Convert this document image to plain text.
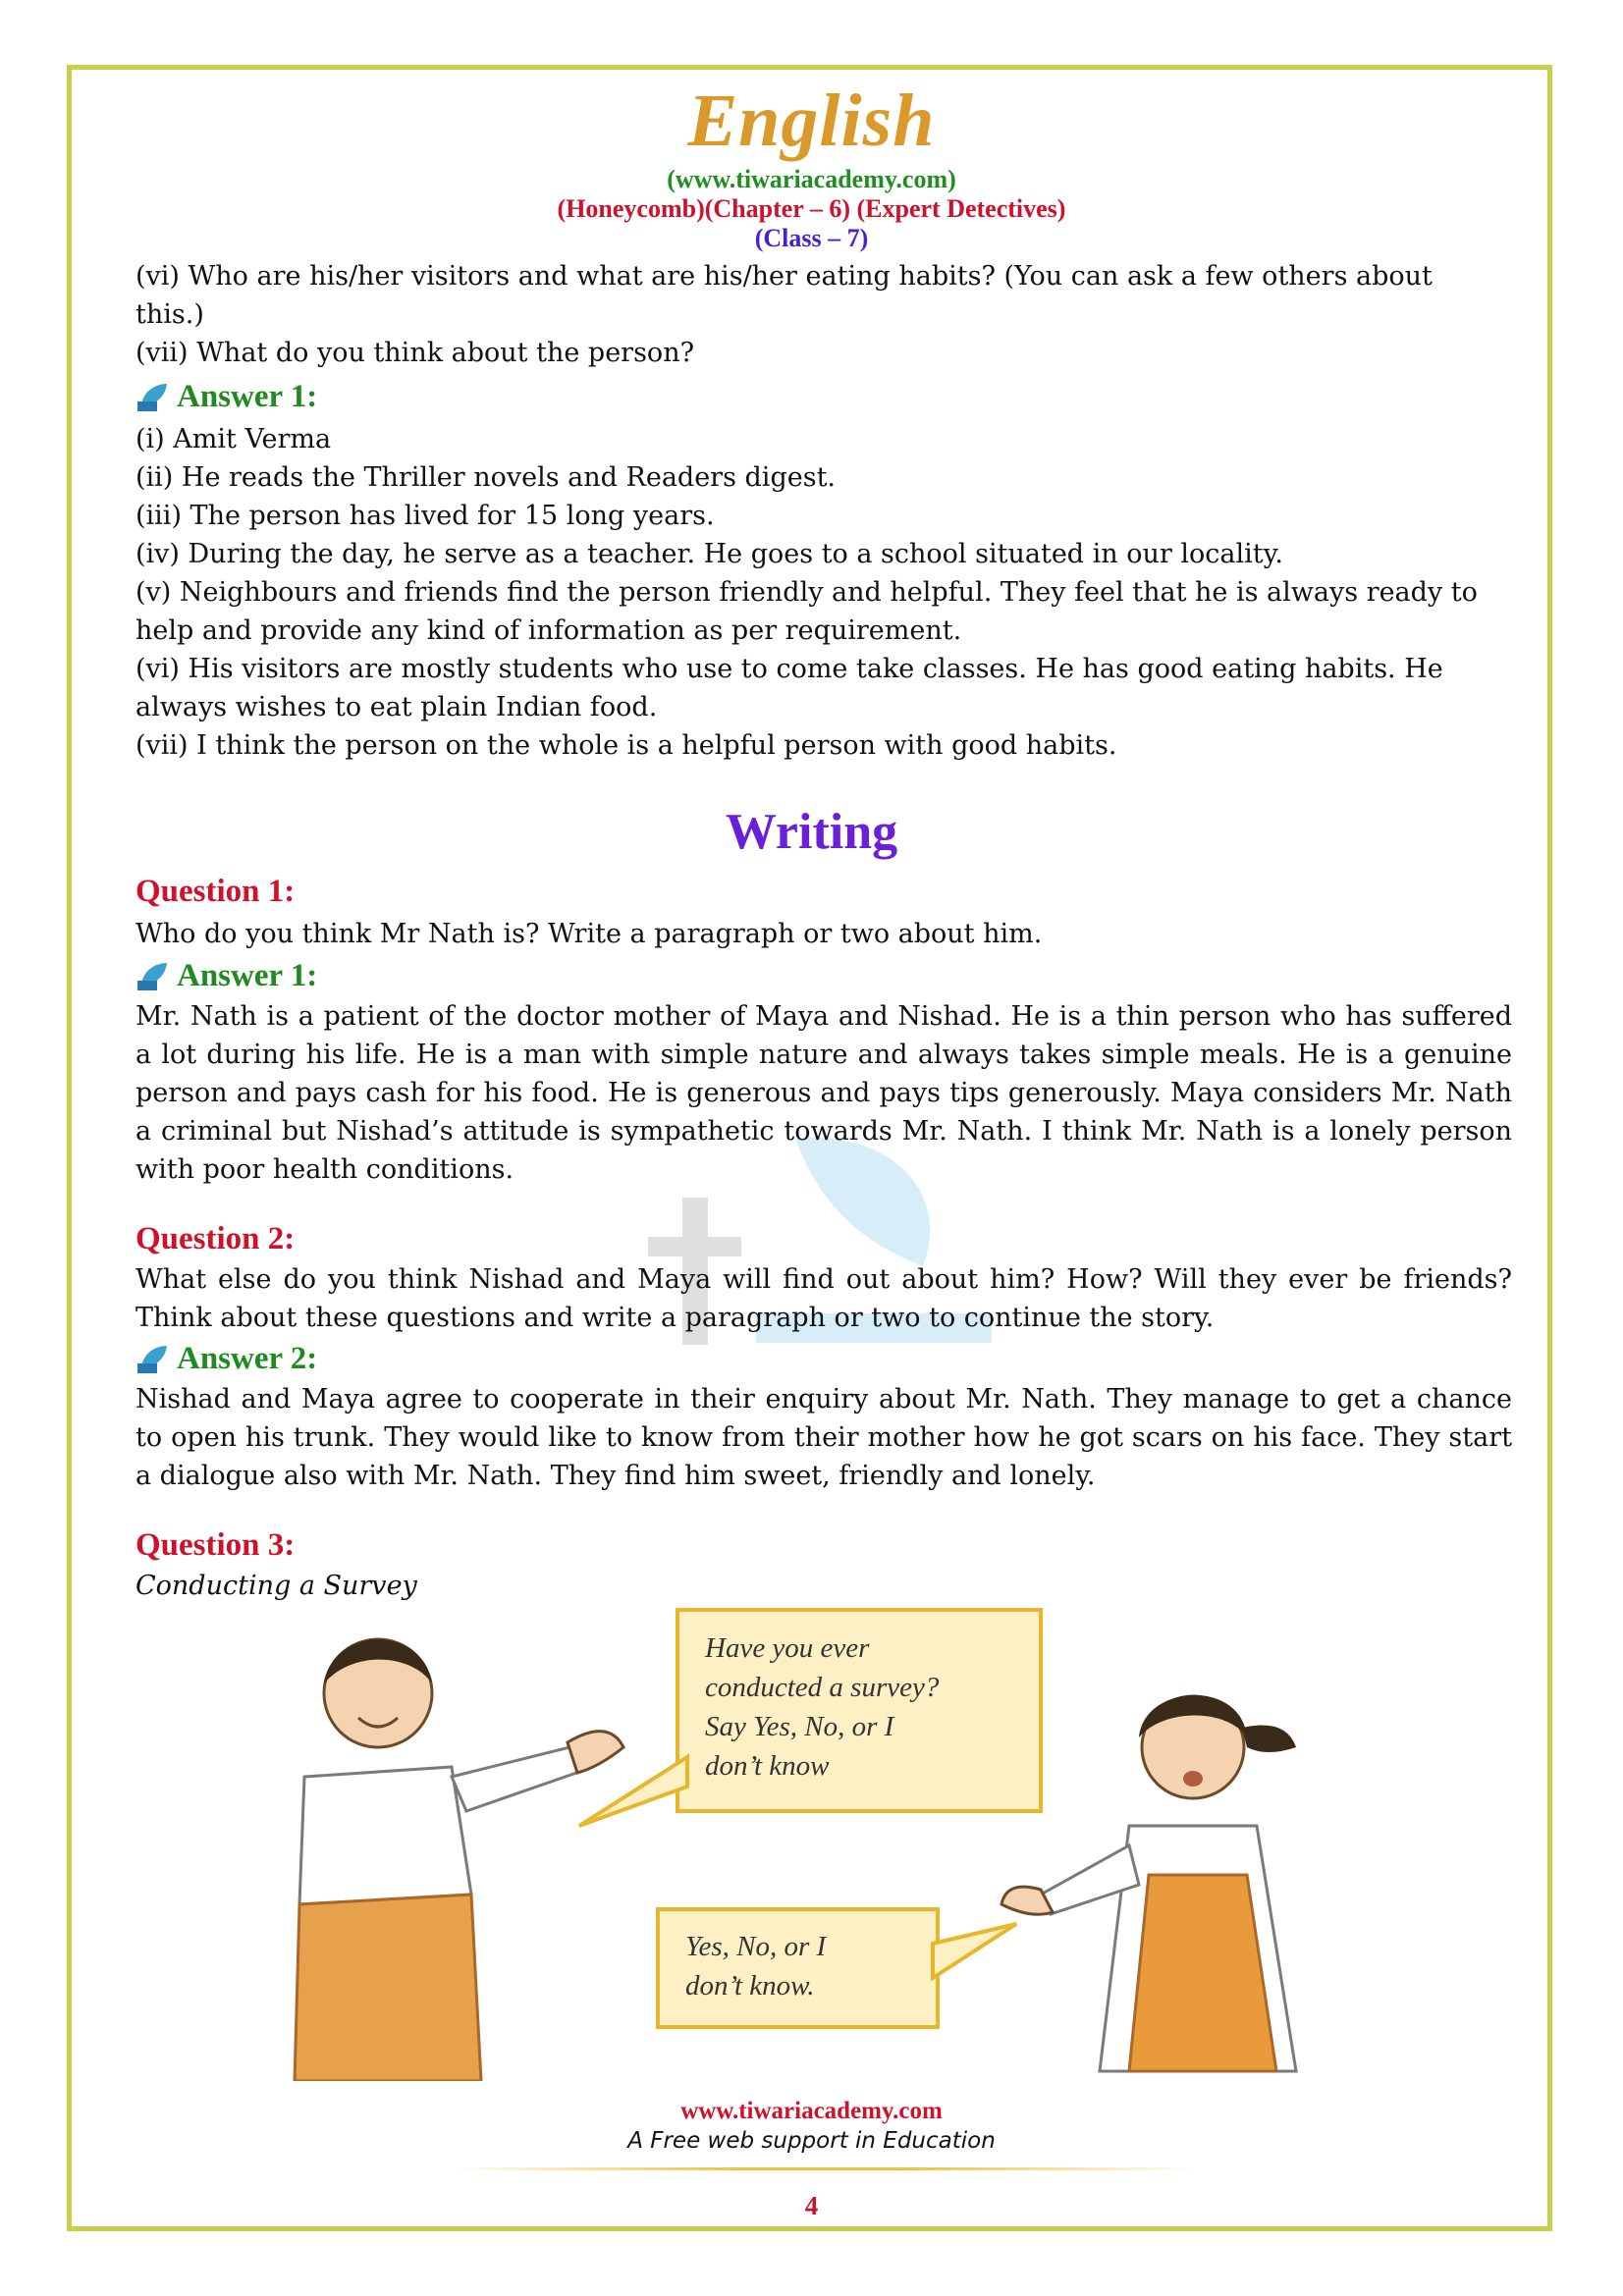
English
(www.tiwariacademy.com)
(Honeycomb)(Chapter – 6) (Expert Detectives)
(Class – 7)

(vi) Who are his/her visitors and what are his/her eating habits? (You can ask a few others about

this.)

(vii) What do you think about the person?

Answer 1:

(i) Amit Verma

(ii) He reads the Thriller novels and Readers digest.

(iii) The person has lived for 15 long years.

(iv) During the day, he serve as a teacher. He goes to a school situated in our locality.

(v) Neighbours and friends find the person friendly and helpful. They feel that he is always ready to

help and provide any kind of information as per requirement.

(vi) His visitors are mostly students who use to come take classes. He has good eating habits. He

always wishes to eat plain Indian food.

(vii) I think the person on the whole is a helpful person with good habits.

Writing
Question 1:

Who do you think Mr Nath is? Write a paragraph or two about him.

Answer 1:

Mr. Nath is a patient of the doctor mother of Maya and Nishad. He is a thin person who has suffered a lot during his life. He is a man with simple nature and always takes simple meals. He is a genuine person and pays cash for his food. He is generous and pays tips generously. Maya considers Mr. Nath a criminal but Nishad’s attitude is sympathetic towards Mr. Nath. I think Mr. Nath is a lonely person with poor health conditions.

Question 2:

What else do you think Nishad and Maya will find out about him? How? Will they ever be friends? Think about these questions and write a paragraph or two to continue the story.

Answer 2:

Nishad and Maya agree to cooperate in their enquiry about Mr. Nath. They manage to get a chance to open his trunk. They would like to know from their mother how he got scars on his face. They start a dialogue also with Mr. Nath. They find him sweet, friendly and lonely.

Question 3:

Conducting a Survey

Have you ever
conducted a survey?
Say Yes, No, or I
don’t know
Yes, No, or I
don’t know.
www.tiwariacademy.com
A Free web support in Education
4
